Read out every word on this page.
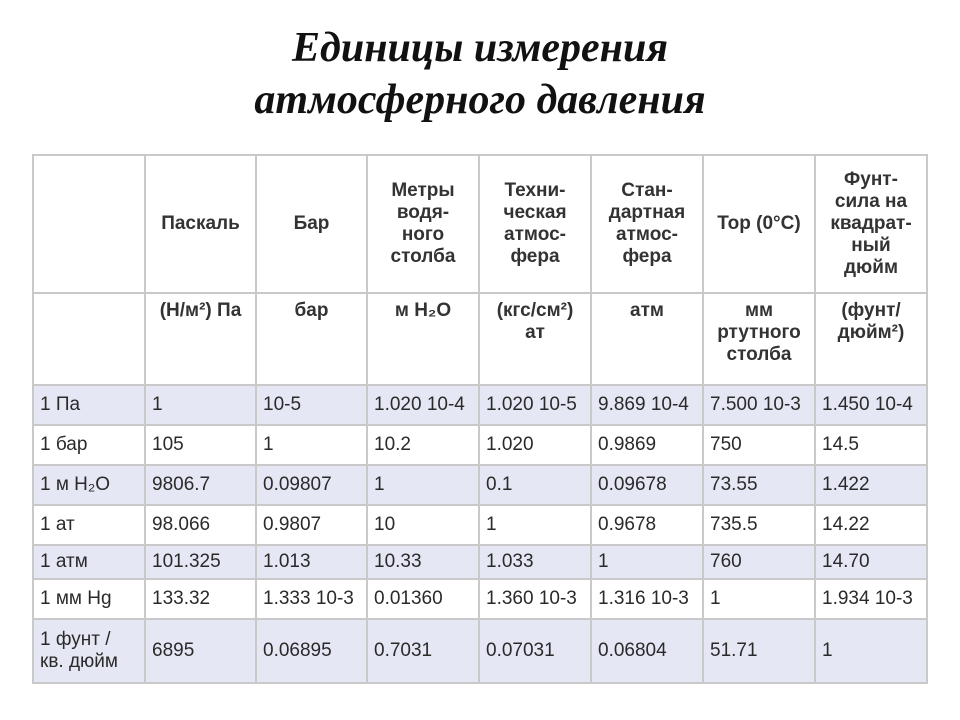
Единицы измерения
атмосферного давления
	Паскаль	Бар	Метры водя- ного столба	Техни- ческая атмос- фера	Стан- дартная атмос- фера	Тор (0°С)	Фунт- сила на квадрат- ный дюйм
	(Н/м²) Па	бар	м H₂O	(кгс/см²) ат	атм	мм ртутного столба	(фунт/ дюйм²)
1 Па	1	10-5	1.020 10-4	1.020 10-5	9.869 10-4	7.500 10-3	1.450 10-4
1 бар	105	1	10.2	1.020	0.9869	750	14.5
1 м H₂O	9806.7	0.09807	1	0.1	0.09678	73.55	1.422
1 ат	98.066	0.9807	10	1	0.9678	735.5	14.22
1 атм	101.325	1.013	10.33	1.033	1	760	14.70
1 мм Hg	133.32	1.333 10-3	0.01360	1.360 10-3	1.316 10-3	1	1.934 10-3
1 фунт / кв. дюйм	6895	0.06895	0.7031	0.07031	0.06804	51.71	1
